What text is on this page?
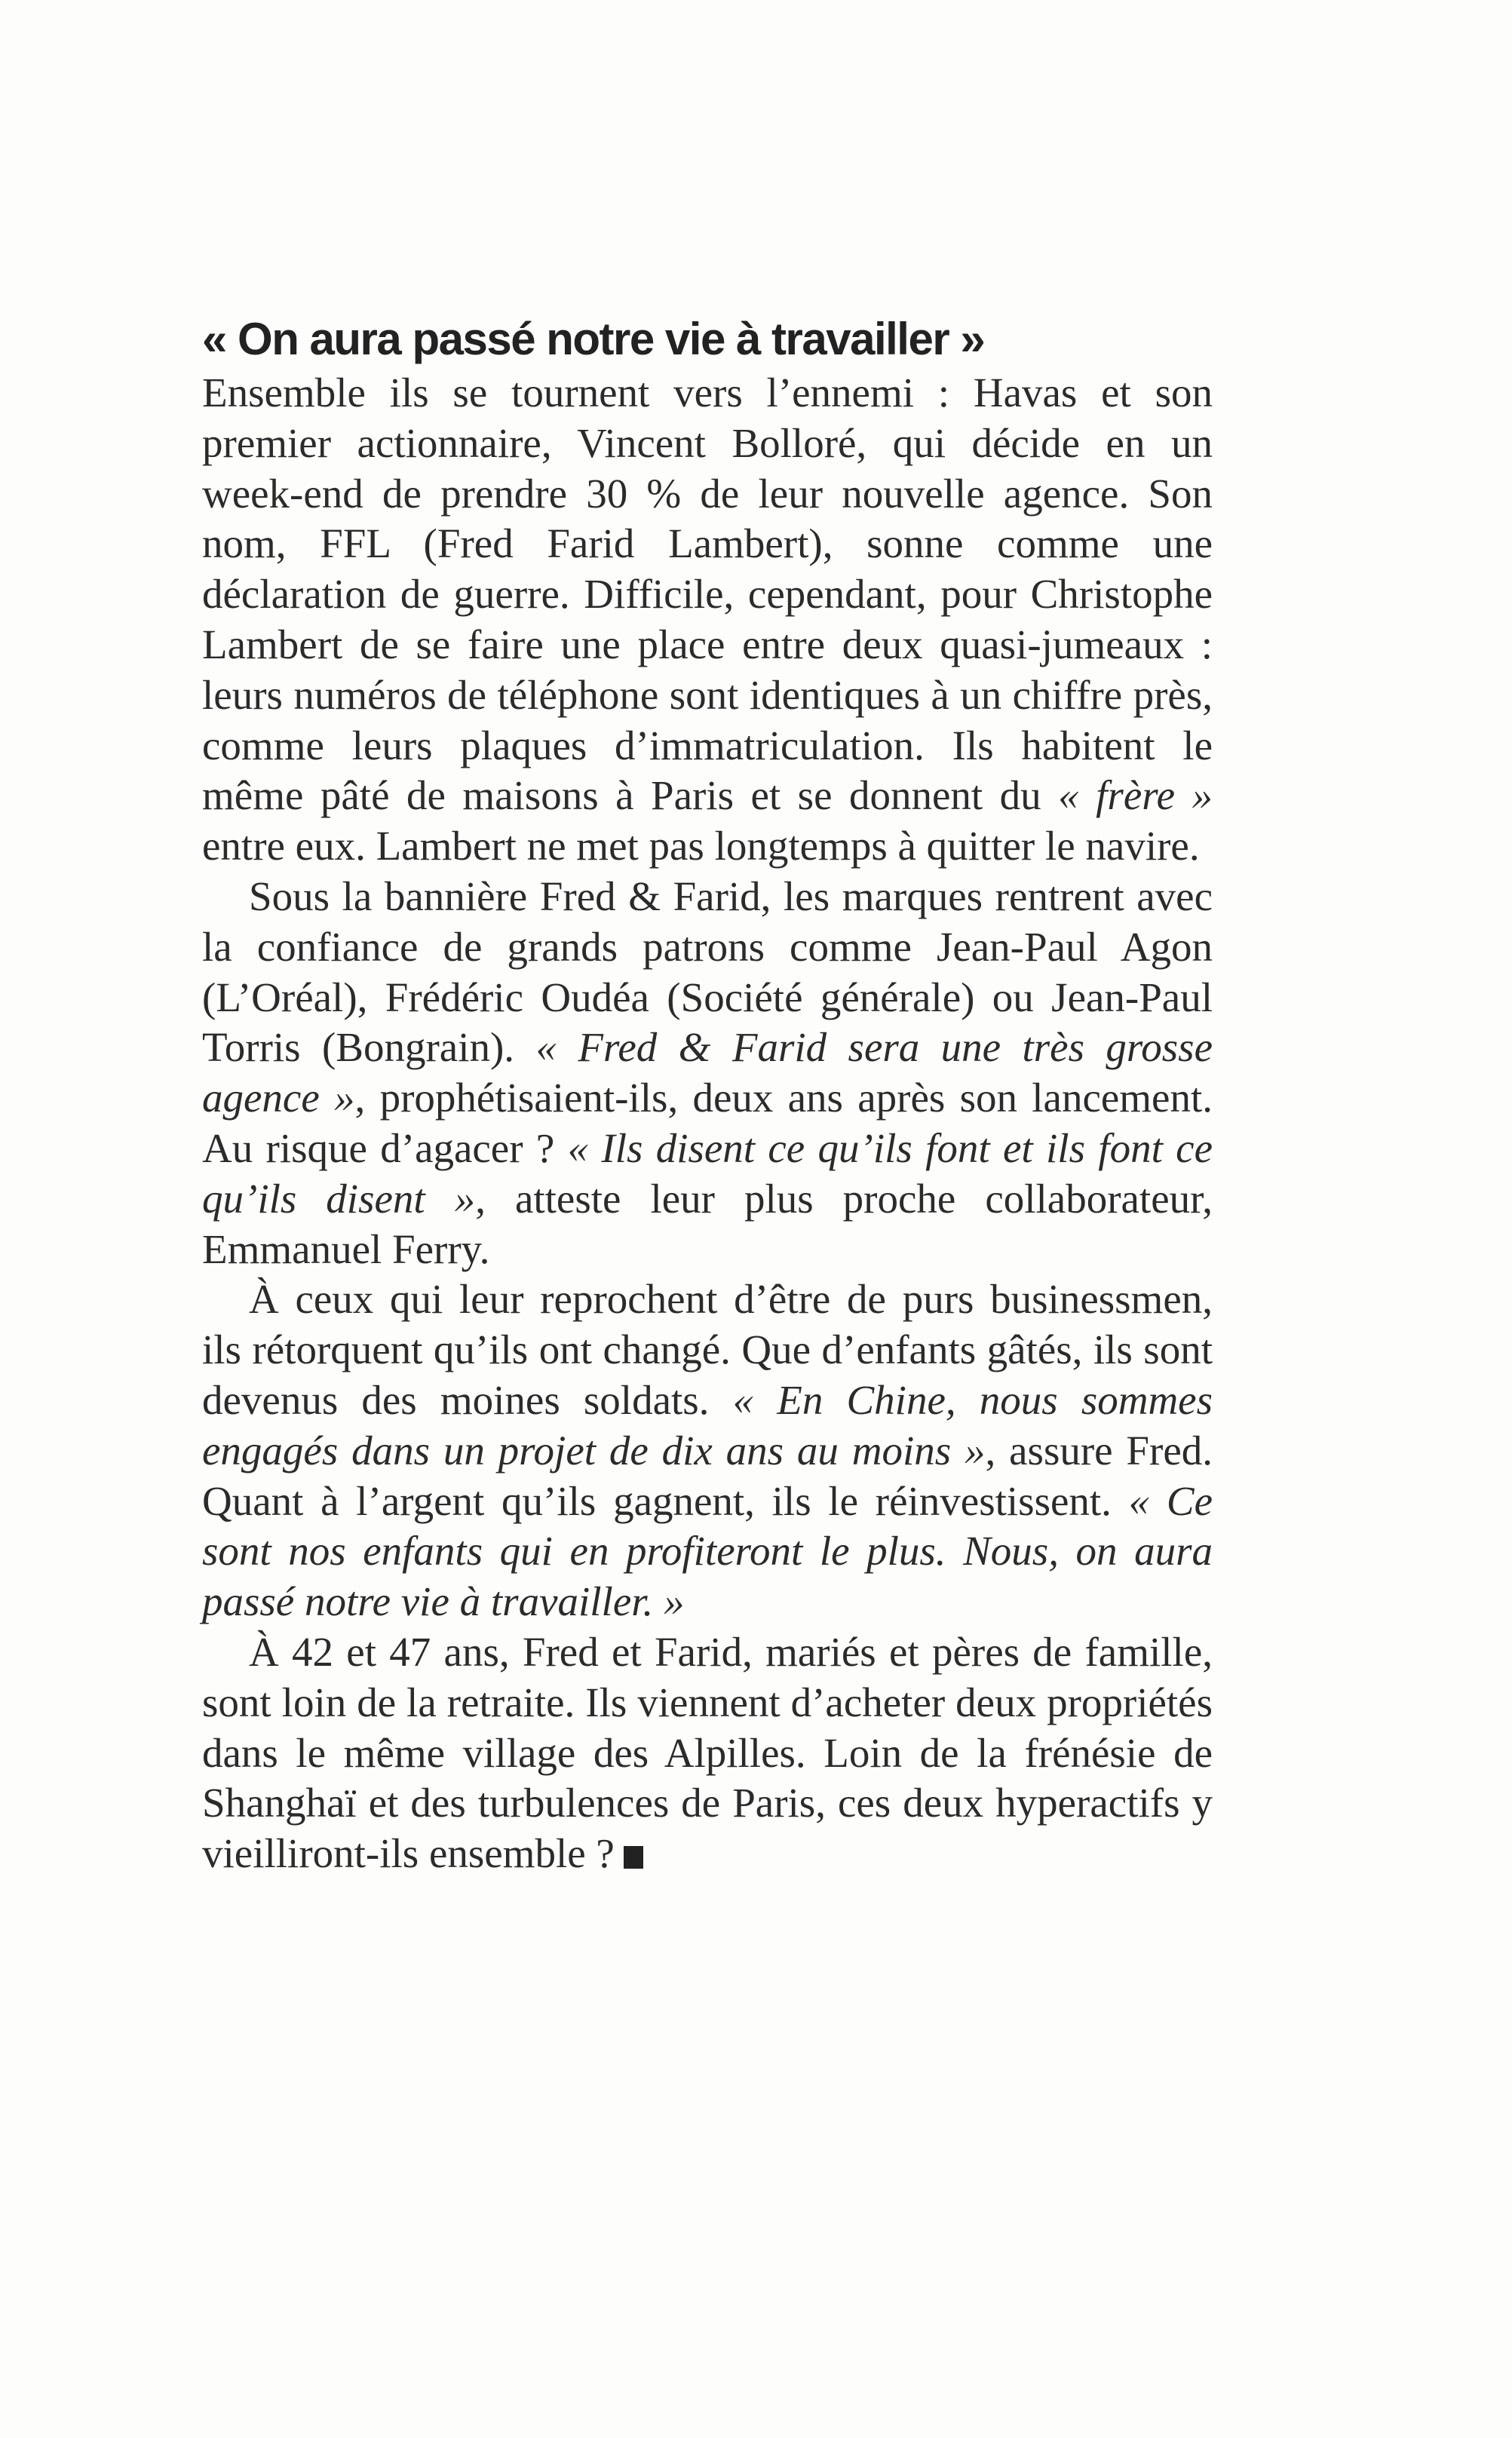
« On aura passé notre vie à travailler »

Ensemble ils se tournent vers l’ennemi : Havas et son premier actionnaire, Vincent Bolloré, qui décide en un week-end de prendre 30 % de leur nouvelle agence. Son nom, FFL (Fred Farid Lambert), sonne comme une déclaration de guerre. Difficile, cependant, pour Christophe Lambert de se faire une place entre deux quasi-jumeaux : leurs numéros de téléphone sont identiques à un chiffre près, comme leurs plaques d’immatriculation. Ils habitent le même pâté de maisons à Paris et se donnent du « frère » entre eux. Lambert ne met pas longtemps à quitter le navire.

Sous la bannière Fred & Farid, les marques rentrent avec la confiance de grands patrons comme Jean-Paul Agon (L’Oréal), Frédéric Oudéa (Société générale) ou Jean-Paul Torris (Bongrain). « Fred & Farid sera une très grosse agence », prophétisaient-ils, deux ans après son lancement. Au risque d’agacer ? « Ils disent ce qu’ils font et ils font ce qu’ils disent », atteste leur plus proche collaborateur, Emmanuel Ferry.

À ceux qui leur reprochent d’être de purs businessmen, ils rétorquent qu’ils ont changé. Que d’enfants gâtés, ils sont devenus des moines soldats. « En Chine, nous sommes engagés dans un projet de dix ans au moins », assure Fred. Quant à l’argent qu’ils gagnent, ils le réinvestissent. « Ce sont nos enfants qui en profiteront le plus. Nous, on aura passé notre vie à travailler. »

À 42 et 47 ans, Fred et Farid, mariés et pères de famille, sont loin de la retraite. Ils viennent d’acheter deux propriétés dans le même village des Alpilles. Loin de la frénésie de Shanghaï et des turbulences de Paris, ces deux hyperactifs y vieilliront-ils ensemble ?
